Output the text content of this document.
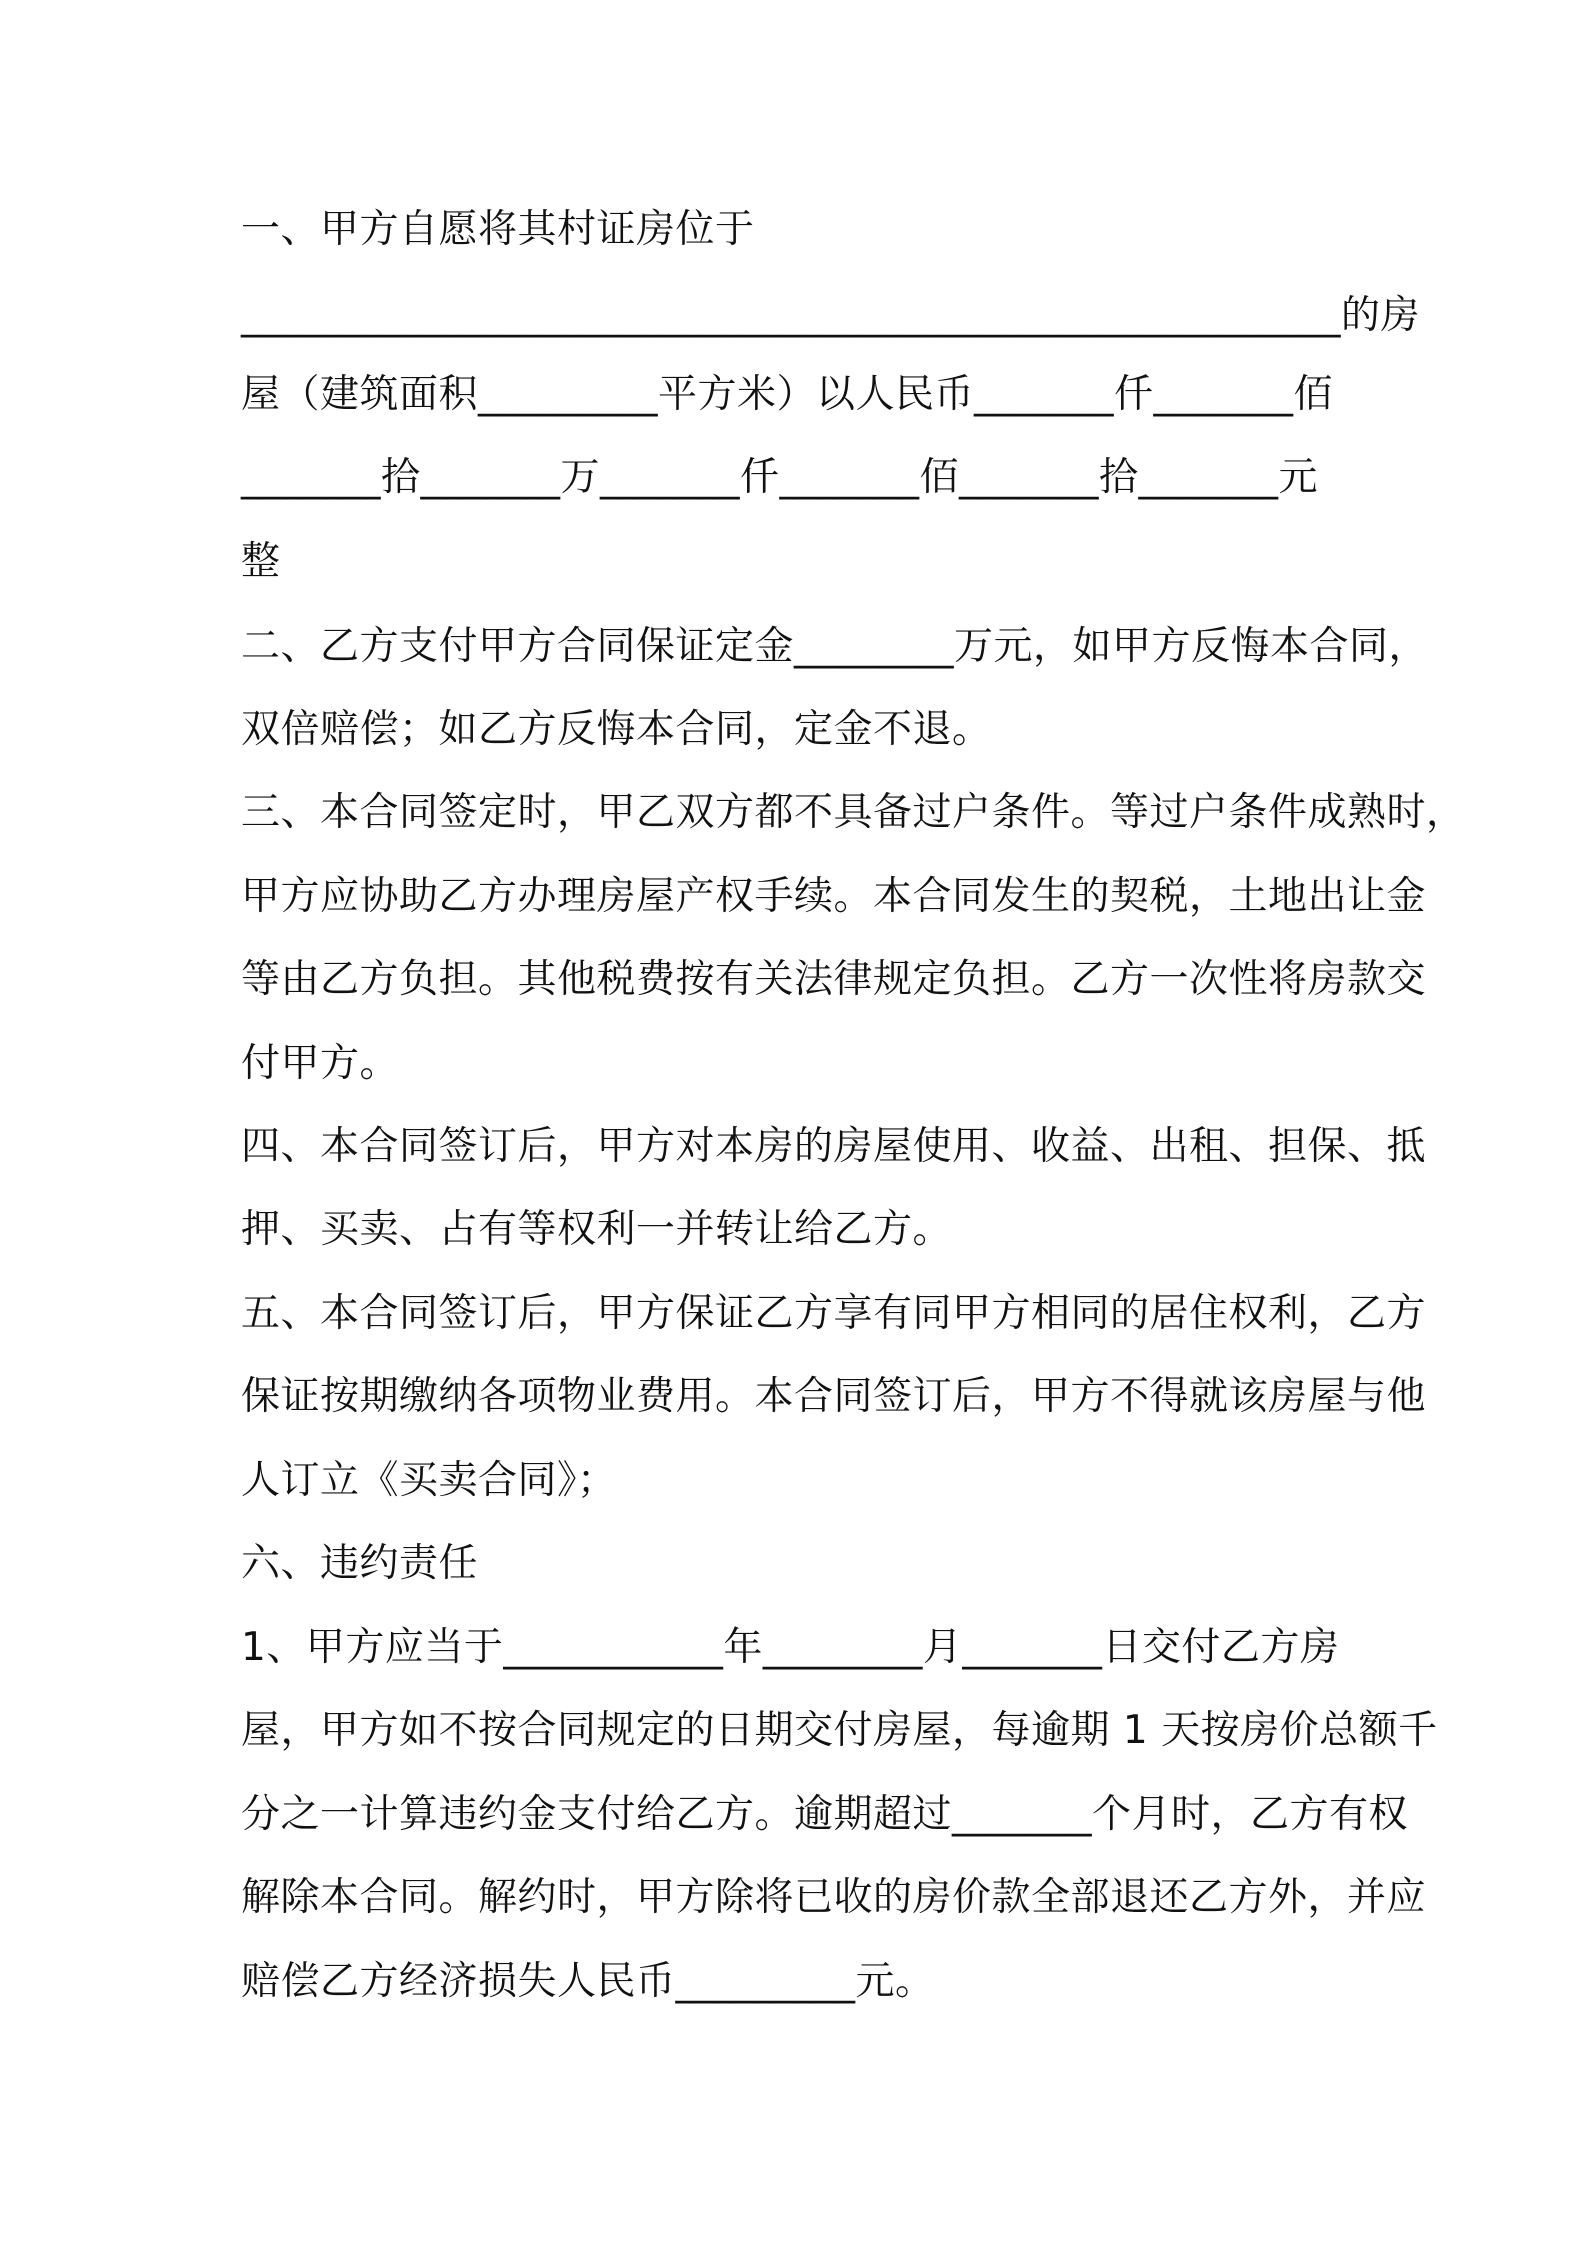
一、甲方自愿将其村证房位于
_______________________________________________________的房
屋（建筑面积_________平方米）以人民币_______仟_______佰
_______拾_______万_______仟_______佰_______拾_______元
整
二、乙方支付甲方合同保证定金________万元，如甲方反悔本合同，
双倍赔偿；如乙方反悔本合同，定金不退。
三、本合同签定时，甲乙双方都不具备过户条件。等过户条件成熟时，
甲方应协助乙方办理房屋产权手续。本合同发生的契税，土地出让金
等由乙方负担。其他税费按有关法律规定负担。乙方一次性将房款交
付甲方。
四、本合同签订后，甲方对本房的房屋使用、收益、出租、担保、抵
押、买卖、占有等权利一并转让给乙方。
五、本合同签订后，甲方保证乙方享有同甲方相同的居住权利，乙方
保证按期缴纳各项物业费用。本合同签订后，甲方不得就该房屋与他
人订立《买卖合同》；
六、违约责任
1、甲方应当于___________年________月_______日交付乙方房
屋，甲方如不按合同规定的日期交付房屋，每逾期 1 天按房价总额千
分之一计算违约金支付给乙方。逾期超过_______个月时，乙方有权
解除本合同。解约时，甲方除将已收的房价款全部退还乙方外，并应
赔偿乙方经济损失人民币_________元。
